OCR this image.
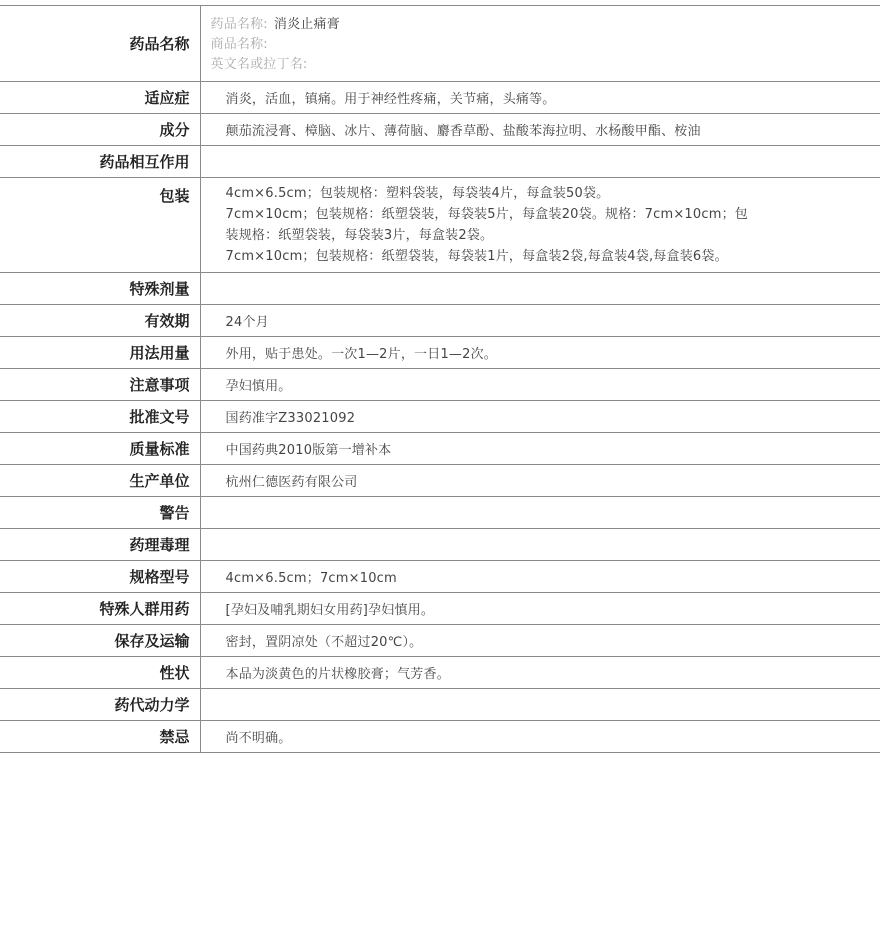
药品名称	药品名称: 消炎止痛膏
商品名称:
英文名或拉丁名:

适应症	消炎，活血，镇痛。用于神经性疼痛，关节痛，头痛等。
成分	颠茄流浸膏、樟脑、冰片、薄荷脑、麝香草酚、盐酸苯海拉明、水杨酸甲酯、桉油
药品相互作用	
包装	4cm×6.5cm；包装规格：塑料袋装，每袋装4片，每盒装50袋。
7cm×10cm；包装规格：纸塑袋装，每袋装5片，每盒装20袋。规格：7cm×10cm；包装规格：纸塑袋装，每袋装3片，每盒装2袋。
7cm×10cm；包装规格：纸塑袋装，每袋装1片，每盒装2袋,每盒装4袋,每盒装6袋。

特殊剂量	
有效期	24个月
用法用量	外用，贴于患处。一次1—2片，一日1—2次。
注意事项	孕妇慎用。
批准文号	国药准字Z33021092
质量标准	中国药典2010版第一增补本
生产单位	杭州仁德医药有限公司
警告	
药理毒理	
规格型号	4cm×6.5cm；7cm×10cm
特殊人群用药	[孕妇及哺乳期妇女用药]孕妇慎用。
保存及运输	密封，置阴凉处（不超过20℃）。
性状	本品为淡黄色的片状橡胶膏；气芳香。
药代动力学	
禁忌	尚不明确。
